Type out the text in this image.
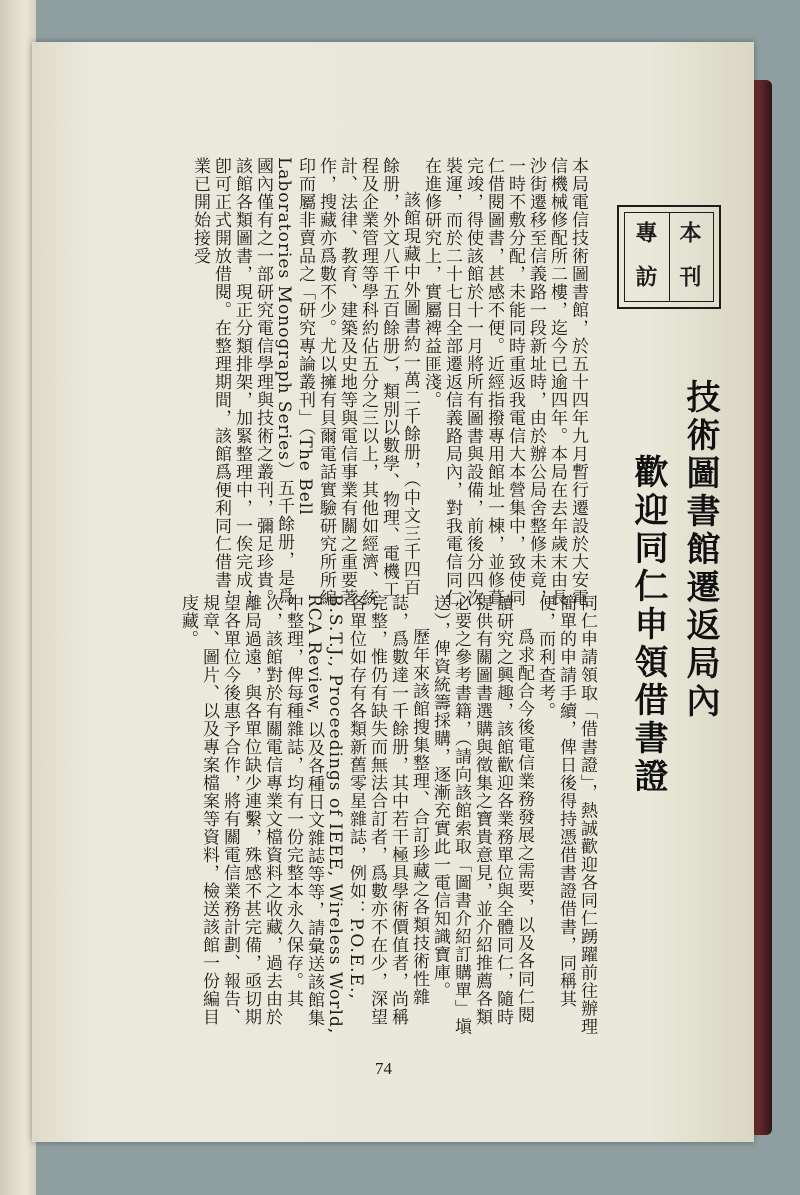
本
專
刊
訪
技術圖書館遷返局內
歡迎同仁申領借書證

本局電信技術圖書館，於五十四年九月暫行遷設於大安電信機械修配所二樓，迄今已逾四年。本局在去年歲末由長沙街遷移至信義路一段新址時，由於辦公局舍整修未竟，一時不敷分配，未能同時重返我電信大本營集中，致使同仁借閱圖書，甚感不便。近經指撥專用館址一棟，並修葺完竣，得使該館於十一月將所有圖書與設備，前後分四次裝運，而於二十七日全部遷返信義路局內，對我電信同仁在進修研究上，實屬裨益匪淺。

該館現藏中外圖書約一萬二千餘册，（中文三千四百餘册，外文八千五百餘册），類別以數學、物理、電機工程及企業管理等學科約佔五分之三以上，其他如經濟、統計、法律、教育、建築及史地等與電信事業有關之重要著作，搜藏亦爲數不少。尤以擁有貝爾電話實驗研究所所編印而屬非賣品之「研究專論叢刊」（The Bell Laboratories Monograph Series）五千餘册，是爲國內僅有之一部研究電信學理與技術之叢刊，彌足珍貴。該館各類圖書，現正分類排架，加緊整理中，一俟完成，卽可正式開放借閱。在整理期間，該館爲便利同仁借書，業已開始接受

同仁申請領取「借書證」，熱誠歡迎各同仁踴躍前往辦理簡單的申請手續，俾日後得持憑借書證借書，同稱其便，而利查考。

爲求配合今後電信業務發展之需要，以及各同仁閱讀研究之興趣，該館歡迎各業務單位與全體同仁，隨時提供有關圖書選購與徵集之寶貴意見，並介紹推薦各類必要之參考書籍，（請向該館索取「圖書介紹訂購單」塡送），俾資統籌採購，逐漸充實此一電信知識寶庫。

歷年來該館搜集整理、合訂珍藏之各類技術性雜誌，爲數達一千餘册，其中若干極具學術價值者，尚稱完整，惟仍有缺失而無法合訂者，爲數亦不在少，深望各單位如存有各類新舊零星雜誌，例如：P.O.E.E., B.S.T.J., Proceedings of IEEE, Wireless World, RCA Review, 以及各種日文雜誌等等，請彙送該館集中整理，俾每種雜誌，均有一份完整本永久保存。其次，該館對於有關電信專業文檔資料之收藏，過去由於離局過遠，與各單位缺少連繫，殊感不甚完備，亟切期望各單位今後惠予合作，將有關電信業務計劃、報告、規章、圖片、以及專案檔案等資料，檢送該館一份編目庋藏。

74
